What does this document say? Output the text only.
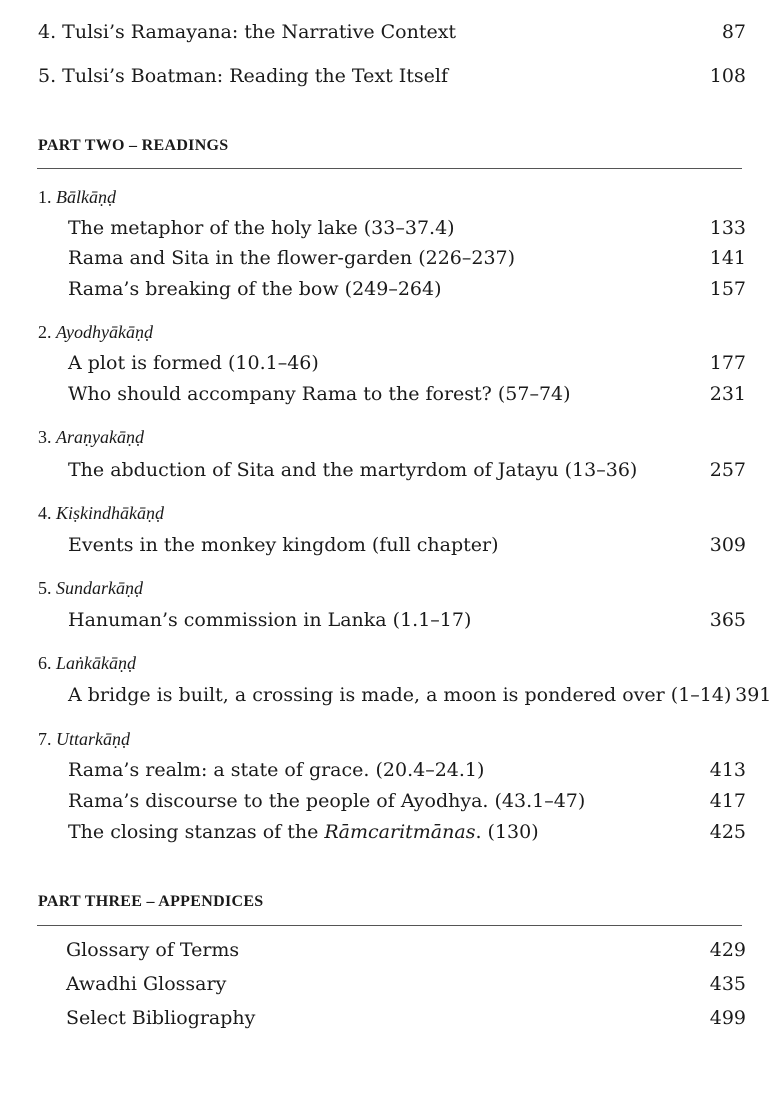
4. Tulsi’s Ramayana: the Narrative Context	87
5. Tulsi’s Boatman: Reading the Text Itself	108
PART TWO – READINGS
1. Bālkāṇḍ
The metaphor of the holy lake (33–37.4)	133
Rama and Sita in the flower-garden (226–237)	141
Rama’s breaking of the bow (249–264)	157
2. Ayodhyākāṇḍ
A plot is formed (10.1–46)	177
Who should accompany Rama to the forest? (57–74)	231
3. Araṇyakāṇḍ
The abduction of Sita and the martyrdom of Jatayu (13–36)	257
4. Kiṣkindhākāṇḍ
Events in the monkey kingdom (full chapter)	309
5. Sundarkāṇḍ
Hanuman’s commission in Lanka (1.1–17)	365
6. Laṅkākāṇḍ
A bridge is built, a crossing is made, a moon is pondered over (1–14) 391
7. Uttarkāṇḍ
Rama’s realm: a state of grace. (20.4–24.1)	413
Rama’s discourse to the people of Ayodhya. (43.1–47)	417
The closing stanzas of the Rāmcaritmānas. (130)	425
PART THREE – APPENDICES
Glossary of Terms	429
Awadhi Glossary	435
Select Bibliography	499
